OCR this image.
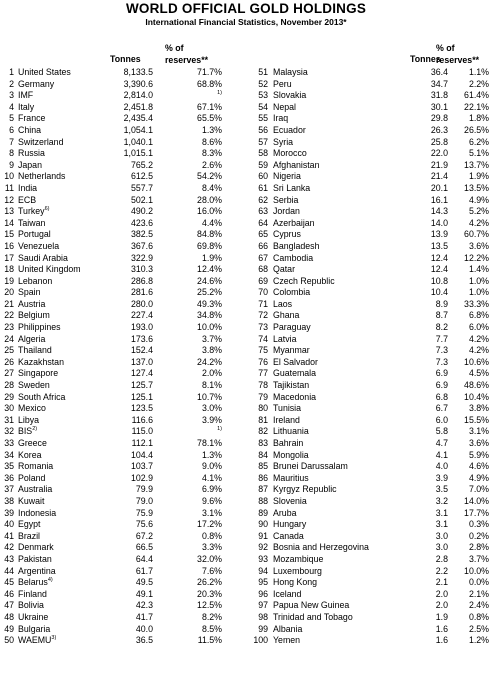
WORLD OFFICIAL GOLD HOLDINGS
International Financial Statistics, November 2013*
Tonnes
% of
reserves**
1 United States	8,133.5	71.7%
2 Germany	3,390.6	68.8%
3 IMF	2,814.0	$^{1)}$
4 Italy	2,451.8	67.1%
5 France	2,435.4	65.5%
6 China	1,054.1	1.3%
7 Switzerland	1,040.1	8.6%
8 Russia	1,015.1	8.3%
9 Japan	765.2	2.6%
10 Netherlands	612.5	54.2%
11 India	557.7	8.4%
12 ECB	502.1	28.0%
13 Turkey$^{6)}$	490.2	16.0%
14 Taiwan	423.6	4.4%
15 Portugal	382.5	84.8%
16 Venezuela	367.6	69.8%
17 Saudi Arabia	322.9	1.9%
18 United Kingdom	310.3	12.4%
19 Lebanon	286.8	24.6%
20 Spain	281.6	25.2%
21 Austria	280.0	49.3%
22 Belgium	227.4	34.8%
23 Philippines	193.0	10.0%
24 Algeria	173.6	3.7%
25 Thailand	152.4	3.8%
26 Kazakhstan	137.0	24.2%
27 Singapore	127.4	2.0%
28 Sweden	125.7	8.1%
29 South Africa	125.1	10.7%
30 Mexico	123.5	3.0%
31 Libya	116.6	3.9%
32 BIS$^{2)}$	115.0	$^{1)}$
33 Greece	112.1	78.1%
34 Korea	104.4	1.3%
35 Romania	103.7	9.0%
36 Poland	102.9	4.1%
37 Australia	79.9	6.9%
38 Kuwait	79.0	9.6%
39 Indonesia	75.9	3.1%
40 Egypt	75.6	17.2%
41 Brazil	67.2	0.8%
42 Denmark	66.5	3.3%
43 Pakistan	64.4	32.0%
44 Argentina	61.7	7.6%
45 Belarus$^{4)}$	49.5	26.2%
46 Finland	49.1	20.3%
47 Bolivia	42.3	12.5%
48 Ukraine	41.7	8.2%
49 Bulgaria	40.0	8.5%
50 WAEMU$^{3)}$	36.5	11.5%
Tonnes
% of
reserves**
51 Malaysia	36.4	1.1%
52 Peru	34.7	2.2%
53 Slovakia	31.8	61.4%
54 Nepal	30.1	22.1%
55 Iraq	29.8	1.8%
56 Ecuador	26.3	26.5%
57 Syria	25.8	6.2%
58 Morocco	22.0	5.1%
59 Afghanistan	21.9	13.7%
60 Nigeria	21.4	1.9%
61 Sri Lanka	20.1	13.5%
62 Serbia	16.1	4.9%
63 Jordan	14.3	5.2%
64 Azerbaijan	14.0	4.2%
65 Cyprus	13.9	60.7%
66 Bangladesh	13.5	3.6%
67 Cambodia	12.4	12.2%
68 Qatar	12.4	1.4%
69 Czech Republic	10.8	1.0%
70 Colombia	10.4	1.0%
71 Laos	8.9	33.3%
72 Ghana	8.7	6.8%
73 Paraguay	8.2	6.0%
74 Latvia	7.7	4.2%
75 Myanmar	7.3	4.2%
76 El Salvador	7.3	10.6%
77 Guatemala	6.9	4.5%
78 Tajikistan	6.9	48.6%
79 Macedonia	6.8	10.4%
80 Tunisia	6.7	3.8%
81 Ireland	6.0	15.5%
82 Lithuania	5.8	3.1%
83 Bahrain	4.7	3.6%
84 Mongolia	4.1	5.9%
85 Brunei Darussalam	4.0	4.6%
86 Mauritius	3.9	4.9%
87 Kyrgyz Republic	3.5	7.0%
88 Slovenia	3.2	14.0%
89 Aruba	3.1	17.7%
90 Hungary	3.1	0.3%
91 Canada	3.0	0.2%
92 Bosnia and Herzegovina	3.0	2.8%
93 Mozambique	2.8	3.7%
94 Luxembourg	2.2	10.0%
95 Hong Kong	2.1	0.0%
96 Iceland	2.0	2.1%
97 Papua New Guinea	2.0	2.4%
98 Trinidad and Tobago	1.9	0.8%
99 Albania	1.6	2.5%
100 Yemen	1.6	1.2%
